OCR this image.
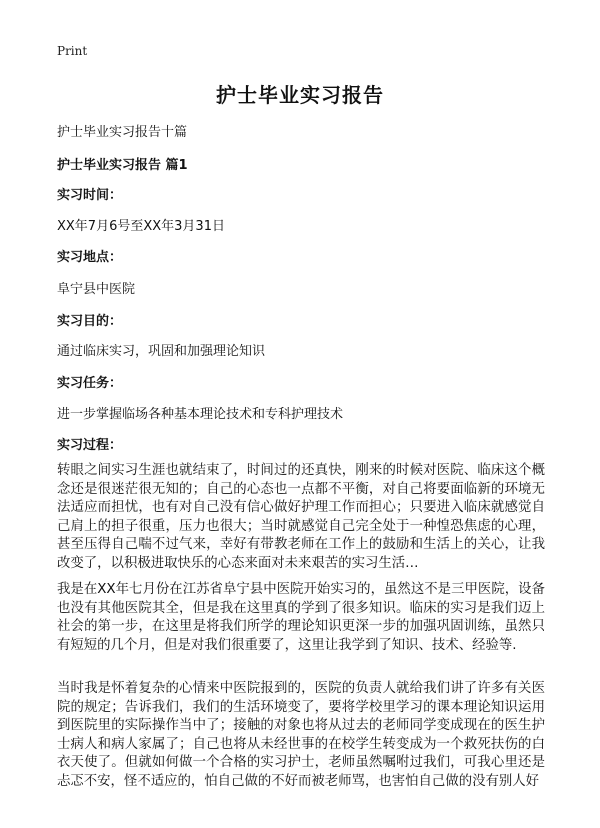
Print
护士毕业实习报告
护士毕业实习报告十篇
护士毕业实习报告 篇1
实习时间：
XX年7月6号至XX年3月31日
实习地点：
阜宁县中医院
实习目的：
通过临床实习，巩固和加强理论知识
实习任务：
进一步掌握临场各种基本理论技术和专科护理技术
实习过程：

转眼之间实习生涯也就结束了，时间过的还真快，刚来的时候对医院、临床这个概念还是很迷茫很无知的；自己的心态也一点都不平衡，对自己将要面临新的环境无法适应而担忧，也有对自己没有信心做好护理工作而担心；只要进入临床就感觉自己肩上的担子很重，压力也很大；当时就感觉自己完全处于一种惶恐焦虑的心理，甚至压得自己喘不过气来，幸好有带教老师在工作上的鼓励和生活上的关心，让我改变了，以积极进取快乐的心态来面对未来艰苦的实习生活…

我是在XX年七月份在江苏省阜宁县中医院开始实习的，虽然这不是三甲医院，设备也没有其他医院其全，但是我在这里真的学到了很多知识。临床的实习是我们迈上社会的第一步，在这里是将我们所学的理论知识更深一步的加强巩固训练，虽然只有短短的几个月，但是对我们很重要了，这里让我学到了知识、技术、经验等.

当时我是怀着复杂的心情来中医院报到的，医院的负责人就给我们讲了许多有关医院的规定；告诉我们，我们的生活环境变了，要将学校里学习的课本理论知识运用到医院里的实际操作当中了；接触的对象也将从过去的老师同学变成现在的医生护士病人和病人家属了；自己也将从未经世事的在校学生转变成为一个救死扶伤的白衣天使了。但就如何做一个合格的实习护士，老师虽然嘱咐过我们，可我心里还是忐忑不安，怪不适应的，怕自己做的不好而被老师骂，也害怕自己做的没有别人好
